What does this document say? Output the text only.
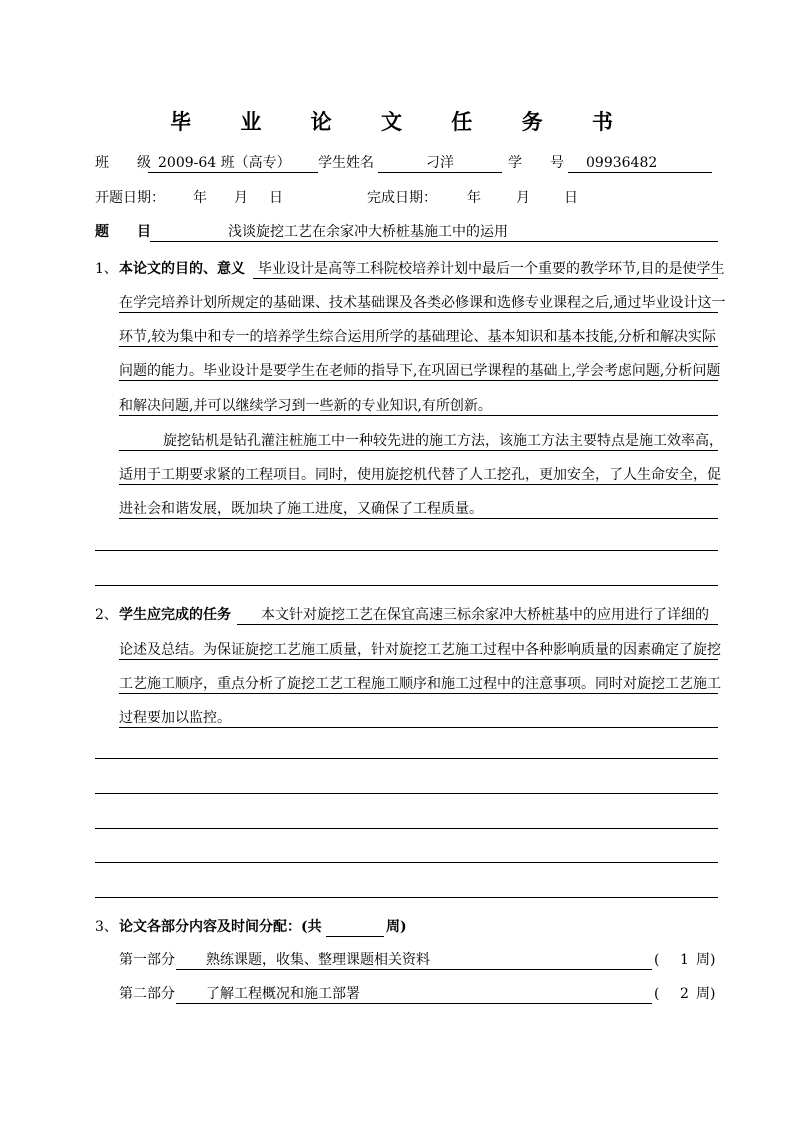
毕 业 论 文 任 务 书
班　　级 2009-64 班（高专）	学生姓名	刁洋	学　　号	09936482
开题日期： 年 月 日	完成日期： 年	月 日
题　　目	浅谈旋挖工艺在余家冲大桥桩基施工中的运用
1、 本论文的目的、意义 毕业设计是高等工科院校培养计划中最后一个重要的教学环节,目的是使学生
在学完培养计划所规定的基础课、技术基础课及各类必修课和选修专业课程之后,通过毕业设计这一
环节,较为集中和专一的培养学生综合运用所学的基础理论、基本知识和基本技能,分析和解决实际
问题的能力。毕业设计是要学生在老师的指导下,在巩固已学课程的基础上,学会考虑问题,分析问题
和解决问题,并可以继续学习到一些新的专业知识,有所创新。
旋挖钻机是钻孔灌注桩施工中一种较先进的施工方法，该施工方法主要特点是施工效率高，
适用于工期要求紧的工程项目。同时，使用旋挖机代替了人工挖孔，更加安全，了人生命安全，促
进社会和谐发展，既加块了施工进度，又确保了工程质量。
2、 学生应完成的任务	本文针对旋挖工艺在保宜高速三标余家冲大桥桩基中的应用进行了详细的
论述及总结。为保证旋挖工艺施工质量，针对旋挖工艺施工过程中各种影响质量的因素确定了旋挖
工艺施工顺序，重点分析了旋挖工艺工程施工顺序和施工过程中的注意事项。同时对旋挖工艺施工
过程要加以监控。
3、 论文各部分内容及时间分配：(共	周)
第一部分	熟练课题，收集、整理课题相关资料	( 1 周)
第二部分	了解工程概况和施工部署	( 2 周)
